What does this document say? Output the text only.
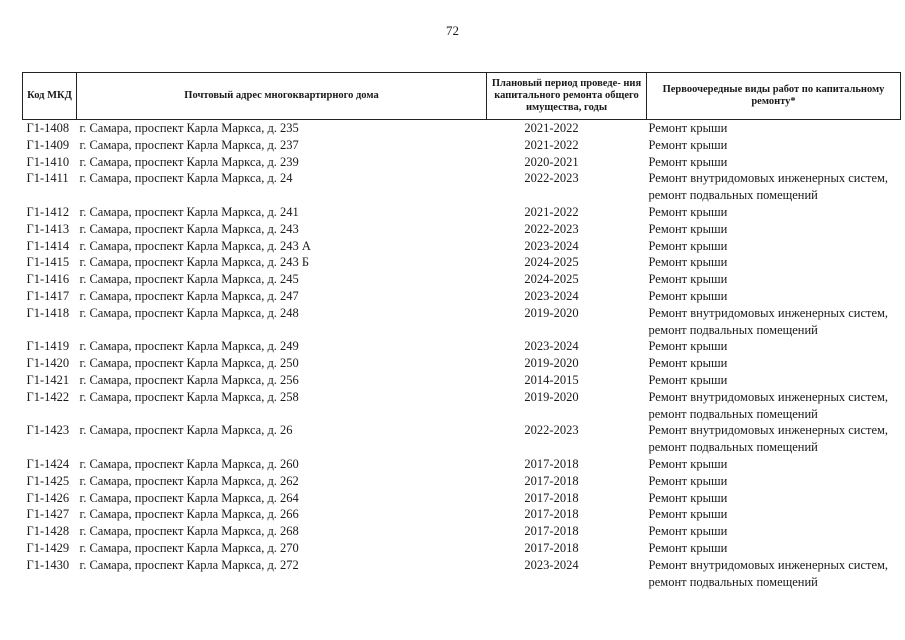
72
Код МКД	Почтовый адрес многоквартирного дома	Плановый период проведе- ния капитального ремонта общего имущества, годы	Первоочередные виды работ по капитальному ремонту*
Г1-1408	г. Самара, проспект Карла Маркса, д. 235	2021-2022	Ремонт крыши

Г1-1409	г. Самара, проспект Карла Маркса, д. 237	2021-2022	Ремонт крыши

Г1-1410	г. Самара, проспект Карла Маркса, д. 239	2020-2021	Ремонт крыши

Г1-1411	г. Самара, проспект Карла Маркса, д. 24	2022-2023	Ремонт внутридомовых инженерных систем,
ремонт подвальных помещений

Г1-1412	г. Самара, проспект Карла Маркса, д. 241	2021-2022	Ремонт крыши

Г1-1413	г. Самара, проспект Карла Маркса, д. 243	2022-2023	Ремонт крыши

Г1-1414	г. Самара, проспект Карла Маркса, д. 243 А	2023-2024	Ремонт крыши

Г1-1415	г. Самара, проспект Карла Маркса, д. 243 Б	2024-2025	Ремонт крыши

Г1-1416	г. Самара, проспект Карла Маркса, д. 245	2024-2025	Ремонт крыши

Г1-1417	г. Самара, проспект Карла Маркса, д. 247	2023-2024	Ремонт крыши

Г1-1418	г. Самара, проспект Карла Маркса, д. 248	2019-2020	Ремонт внутридомовых инженерных систем,
ремонт подвальных помещений

Г1-1419	г. Самара, проспект Карла Маркса, д. 249	2023-2024	Ремонт крыши

Г1-1420	г. Самара, проспект Карла Маркса, д. 250	2019-2020	Ремонт крыши

Г1-1421	г. Самара, проспект Карла Маркса, д. 256	2014-2015	Ремонт крыши

Г1-1422	г. Самара, проспект Карла Маркса, д. 258	2019-2020	Ремонт внутридомовых инженерных систем,
ремонт подвальных помещений

Г1-1423	г. Самара, проспект Карла Маркса, д. 26	2022-2023	Ремонт внутридомовых инженерных систем,
ремонт подвальных помещений

Г1-1424	г. Самара, проспект Карла Маркса, д. 260	2017-2018	Ремонт крыши

Г1-1425	г. Самара, проспект Карла Маркса, д. 262	2017-2018	Ремонт крыши

Г1-1426	г. Самара, проспект Карла Маркса, д. 264	2017-2018	Ремонт крыши

Г1-1427	г. Самара, проспект Карла Маркса, д. 266	2017-2018	Ремонт крыши

Г1-1428	г. Самара, проспект Карла Маркса, д. 268	2017-2018	Ремонт крыши

Г1-1429	г. Самара, проспект Карла Маркса, д. 270	2017-2018	Ремонт крыши

Г1-1430	г. Самара, проспект Карла Маркса, д. 272	2023-2024	Ремонт внутридомовых инженерных систем,
ремонт подвальных помещений
